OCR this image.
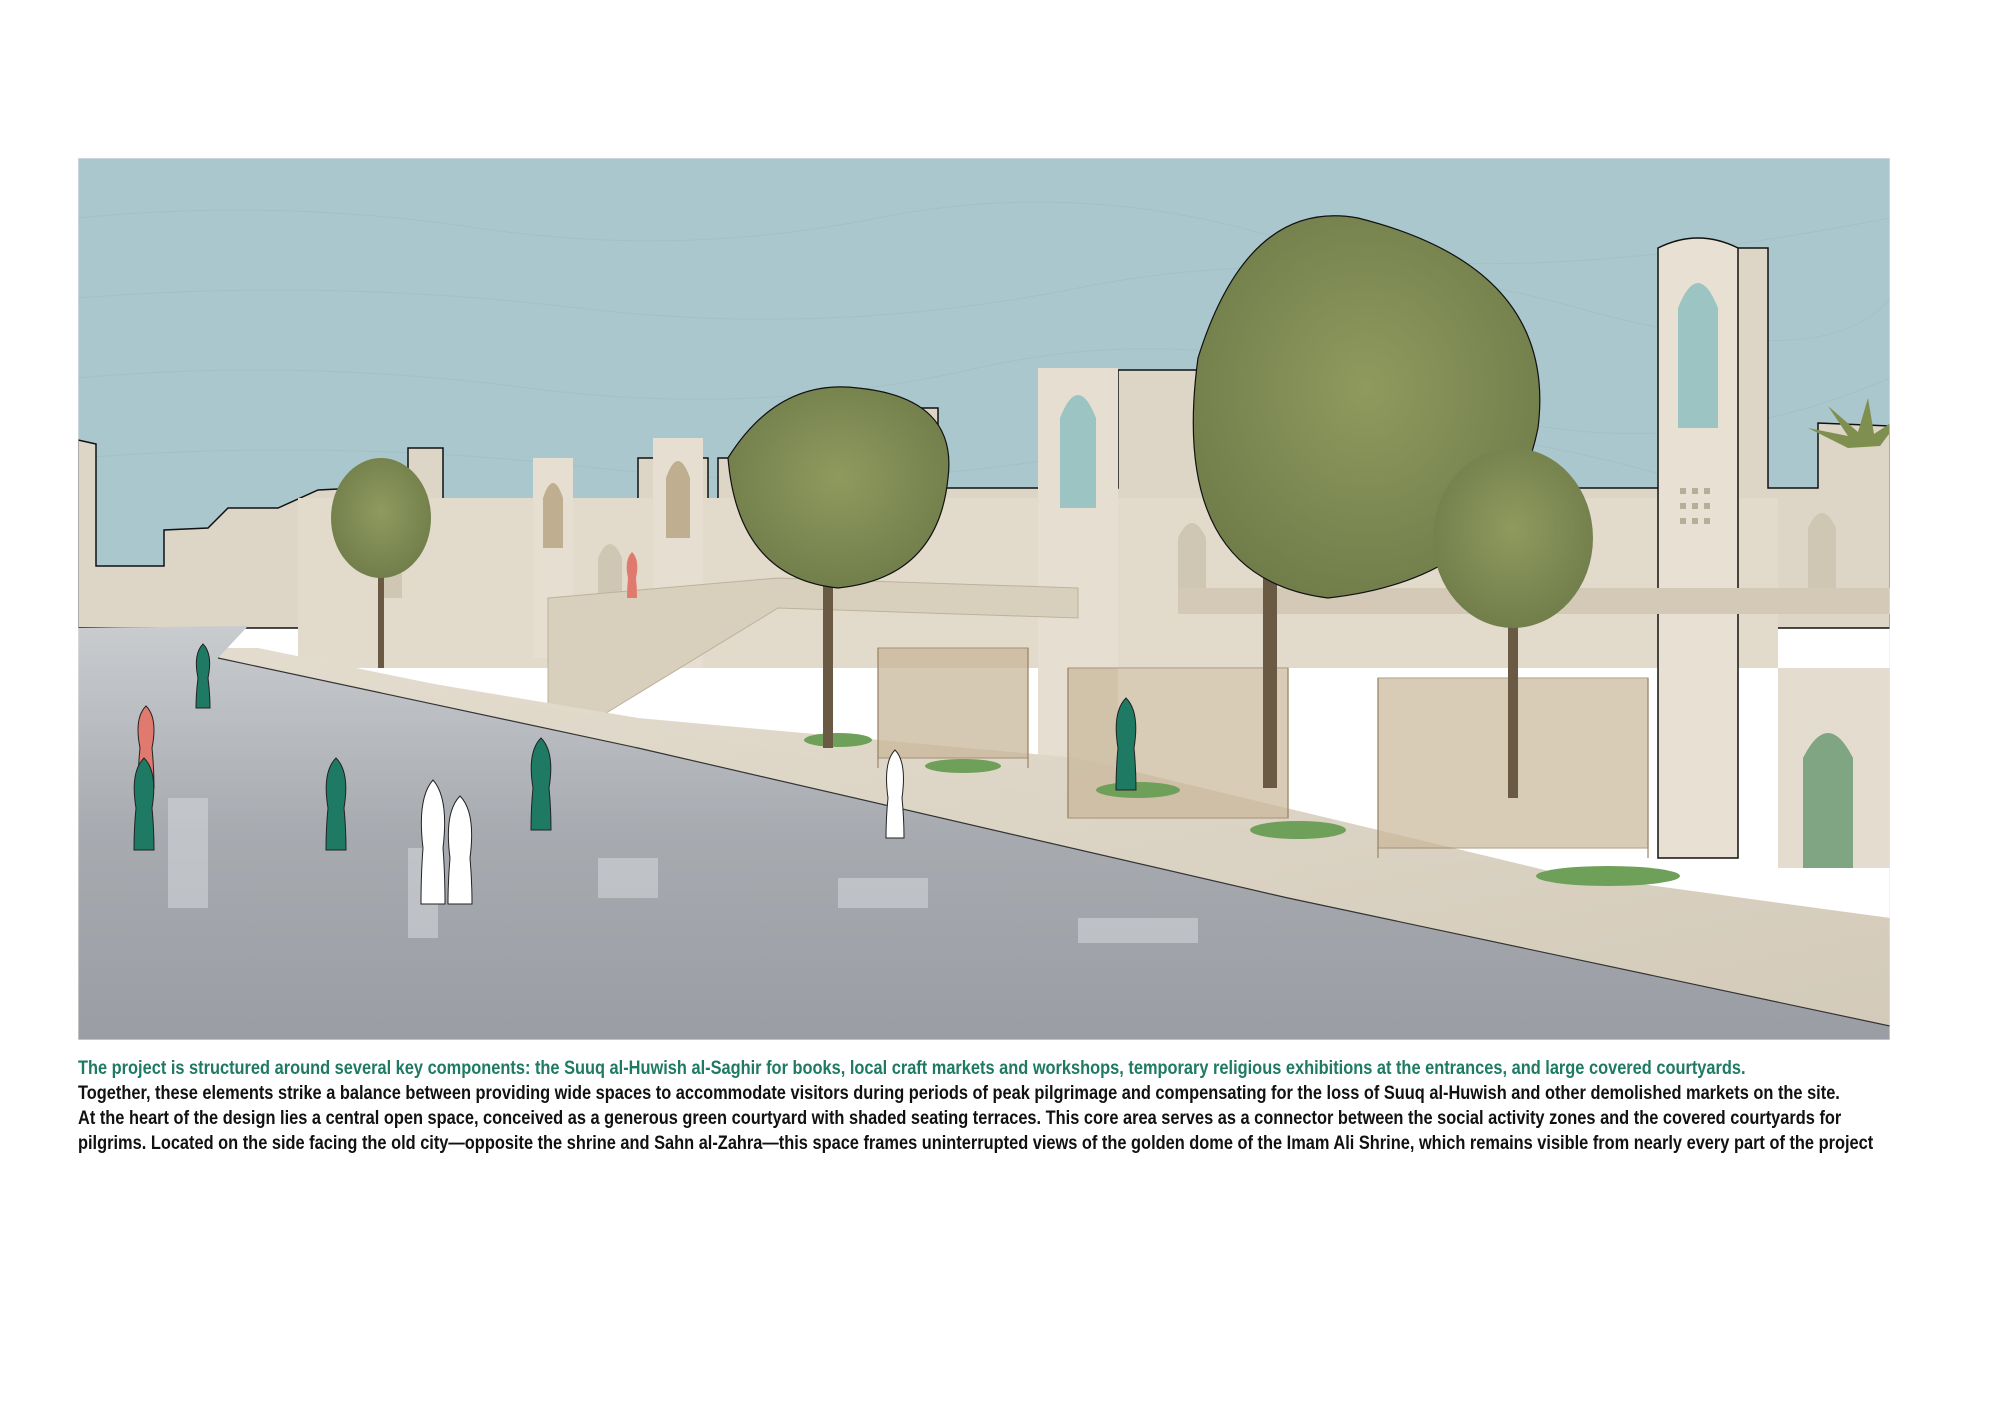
The project is structured around several key components: the Suuq al-Huwish al-Saghir for books, local craft markets and workshops, temporary religious exhibitions at the entrances, and large covered courtyards.

Together, these elements strike a balance between providing wide spaces to accommodate visitors during periods of peak pilgrimage and compensating for the loss of Suuq al-Huwish and other demolished markets on the site.

At the heart of the design lies a central open space, conceived as a generous green courtyard with shaded seating terraces. This core area serves as a connector between the social activity zones and the covered courtyards for pilgrims. Located on the side facing the old city—opposite the shrine and Sahn al-Zahra—this space frames uninterrupted views of the golden dome of the Imam Ali Shrine, which remains visible from nearly every part of the project
